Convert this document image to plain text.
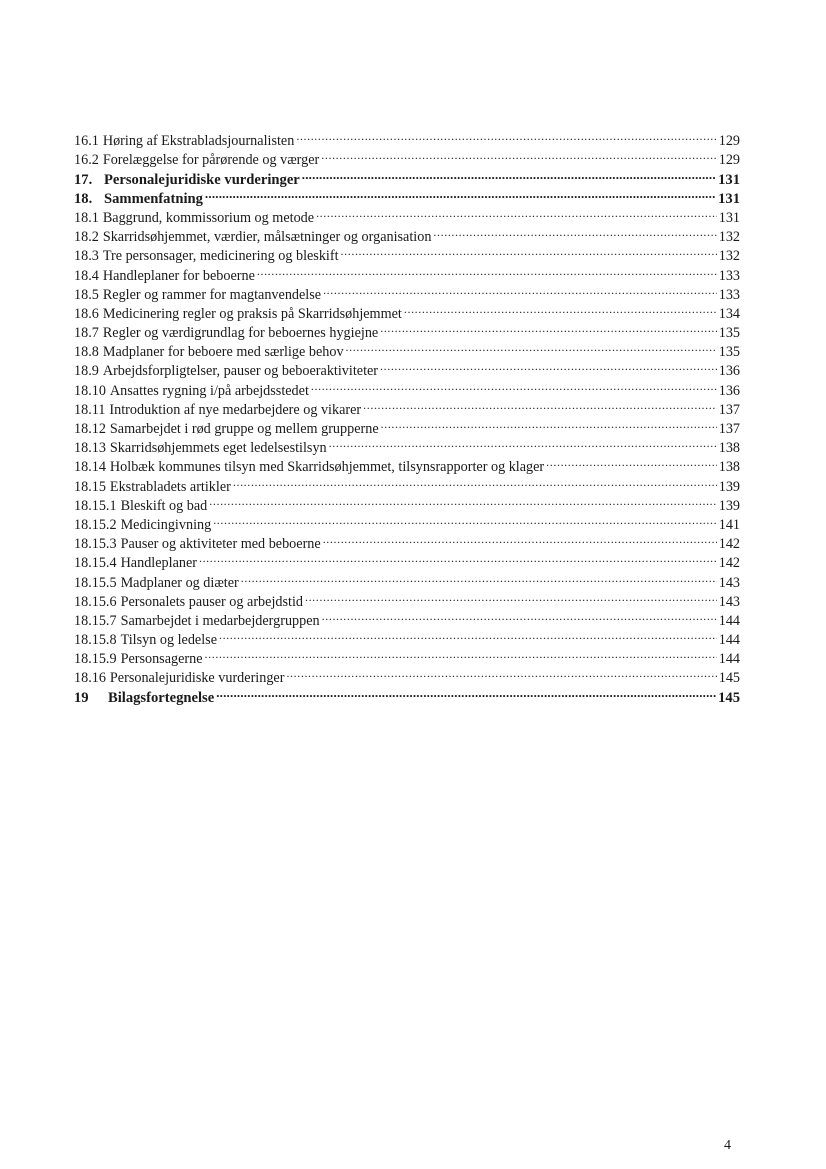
16.1 Høring af Ekstrabladsjournalisten .....	129
16.2 Forelæggelse for pårørende og værger .....	129
17. Personalejuridiske vurderinger .....	131
18. Sammenfatning .....	131
18.1 Baggrund, kommissorium og metode .....	131
18.2 Skarridsøhjemmet, værdier, målsætninger og organisation .....	132
18.3 Tre personsager, medicinering og bleskift .....	132
18.4 Handleplaner for beboerne .....	133
18.5 Regler og rammer for magtanvendelse .....	133
18.6 Medicinering regler og praksis på Skarridsøhjemmet .....	134
18.7 Regler og værdigrundlag for beboernes hygiejne .....	135
18.8 Madplaner for beboere med særlige behov .....	135
18.9 Arbejdsforpligtelser, pauser og beboeraktiviteter .....	136
18.10 Ansattes rygning i/på arbejdsstedet .....	136
18.11 Introduktion af nye medarbejdere og vikarer .....	137
18.12 Samarbejdet i rød gruppe og mellem grupperne .....	137
18.13 Skarridsøhjemmets eget ledelsestilsyn .....	138
18.14 Holbæk kommunes tilsyn med Skarridsøhjemmet, tilsynsrapporter og klager .....	138
18.15 Ekstrabladets artikler .....	139
18.15.1 Bleskift og bad .....	139
18.15.2 Medicingivning .....	141
18.15.3 Pauser og aktiviteter med beboerne .....	142
18.15.4 Handleplaner .....	142
18.15.5 Madplaner og diæter .....	143
18.15.6 Personalets pauser og arbejdstid .....	143
18.15.7 Samarbejdet i medarbejdergruppen .....	144
18.15.8 Tilsyn og ledelse .....	144
18.15.9 Personsagerne .....	144
18.16 Personalejuridiske vurderinger .....	145
19	Bilagsfortegnelse .....	145
4
